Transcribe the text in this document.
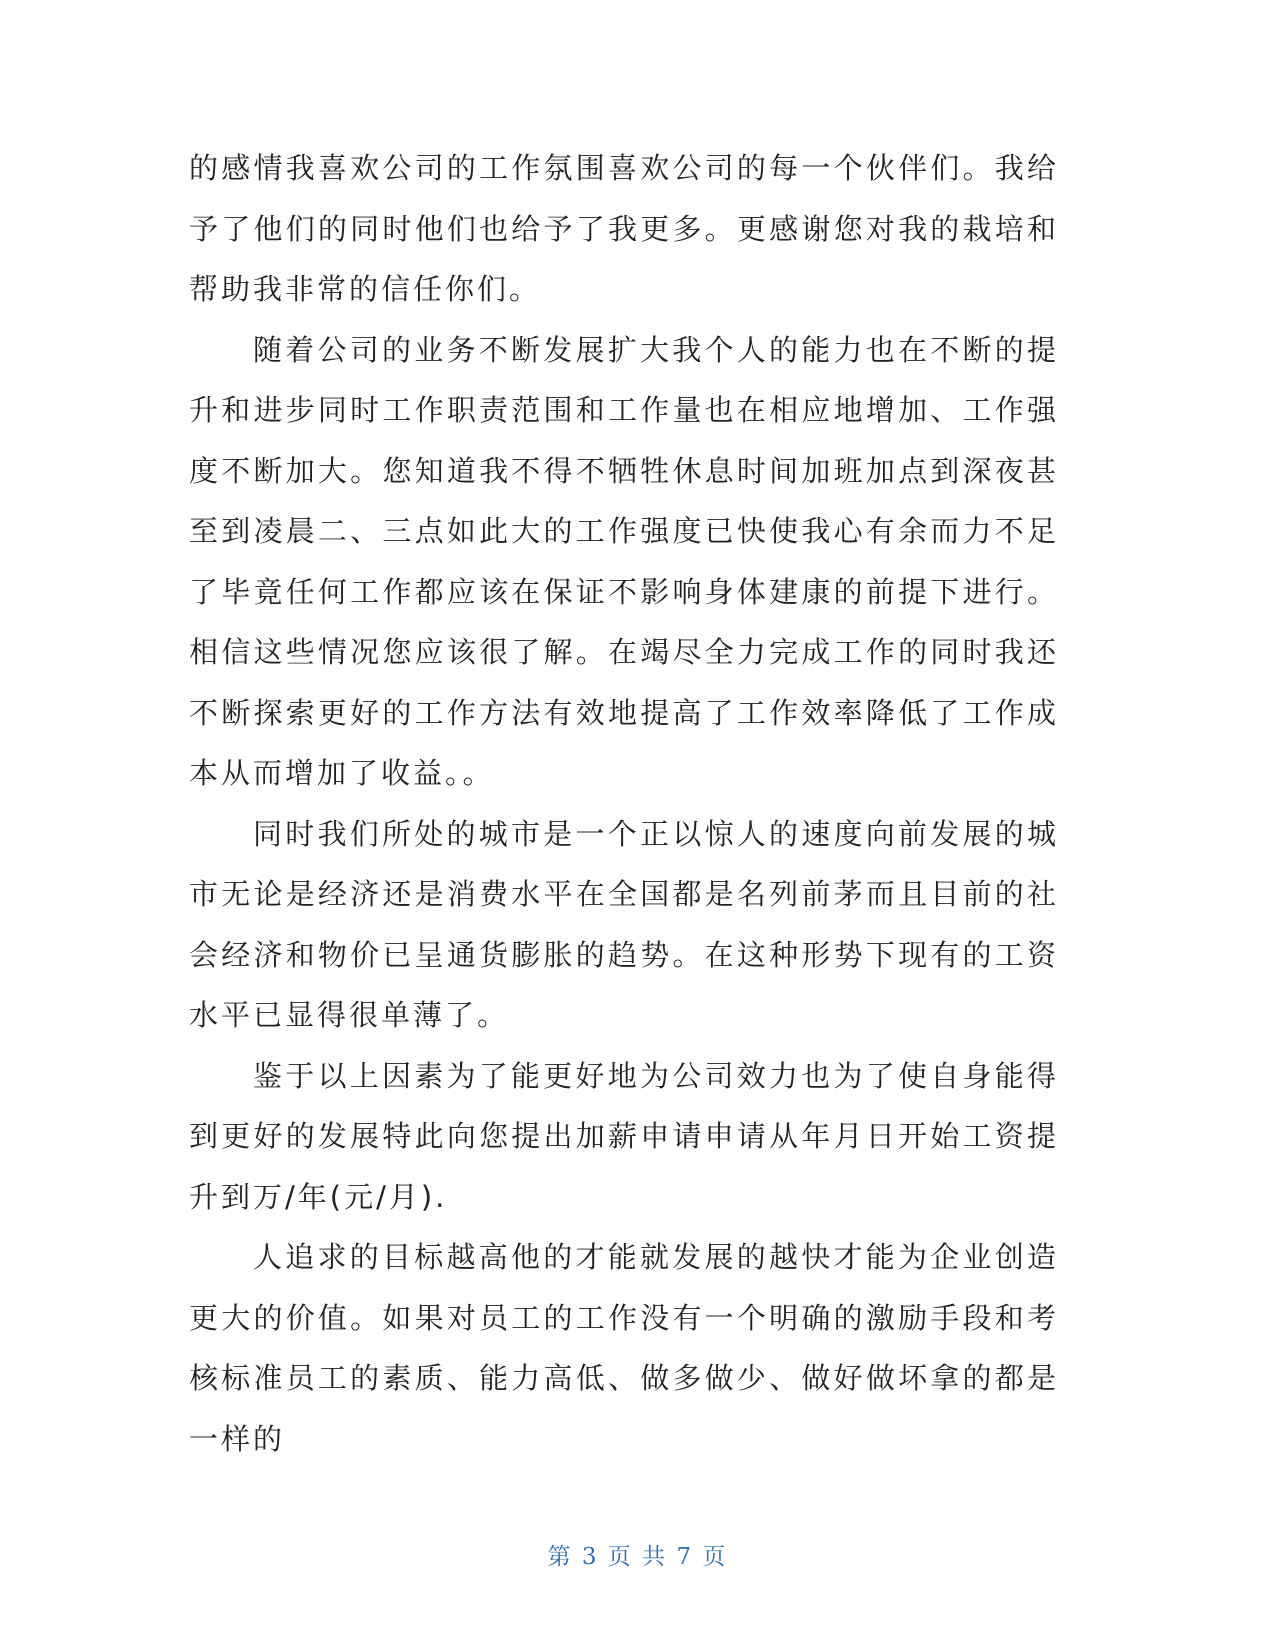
的感情我喜欢公司的工作氛围喜欢公司的每一个伙伴们。我给予了他们的同时他们也给予了我更多。更感谢您对我的栽培和帮助我非常的信任你们。

随着公司的业务不断发展扩大我个人的能力也在不断的提升和进步同时工作职责范围和工作量也在相应地增加、工作强度不断加大。您知道我不得不牺牲休息时间加班加点到深夜甚至到凌晨二、三点如此大的工作强度已快使我心有余而力不足了毕竟任何工作都应该在保证不影响身体建康的前提下进行。相信这些情况您应该很了解。在竭尽全力完成工作的同时我还不断探索更好的工作方法有效地提高了工作效率降低了工作成本从而增加了收益。。

同时我们所处的城市是一个正以惊人的速度向前发展的城市无论是经济还是消费水平在全国都是名列前茅而且目前的社会经济和物价已呈通货膨胀的趋势。在这种形势下现有的工资水平已显得很单薄了。

鉴于以上因素为了能更好地为公司效力也为了使自身能得到更好的发展特此向您提出加薪申请申请从年月日开始工资提升到万/年(元/月).

人追求的目标越高他的才能就发展的越快才能为企业创造更大的价值。如果对员工的工作没有一个明确的激励手段和考核标准员工的素质、能力高低、做多做少、做好做坏拿的都是一样的

第 3 页 共 7 页
